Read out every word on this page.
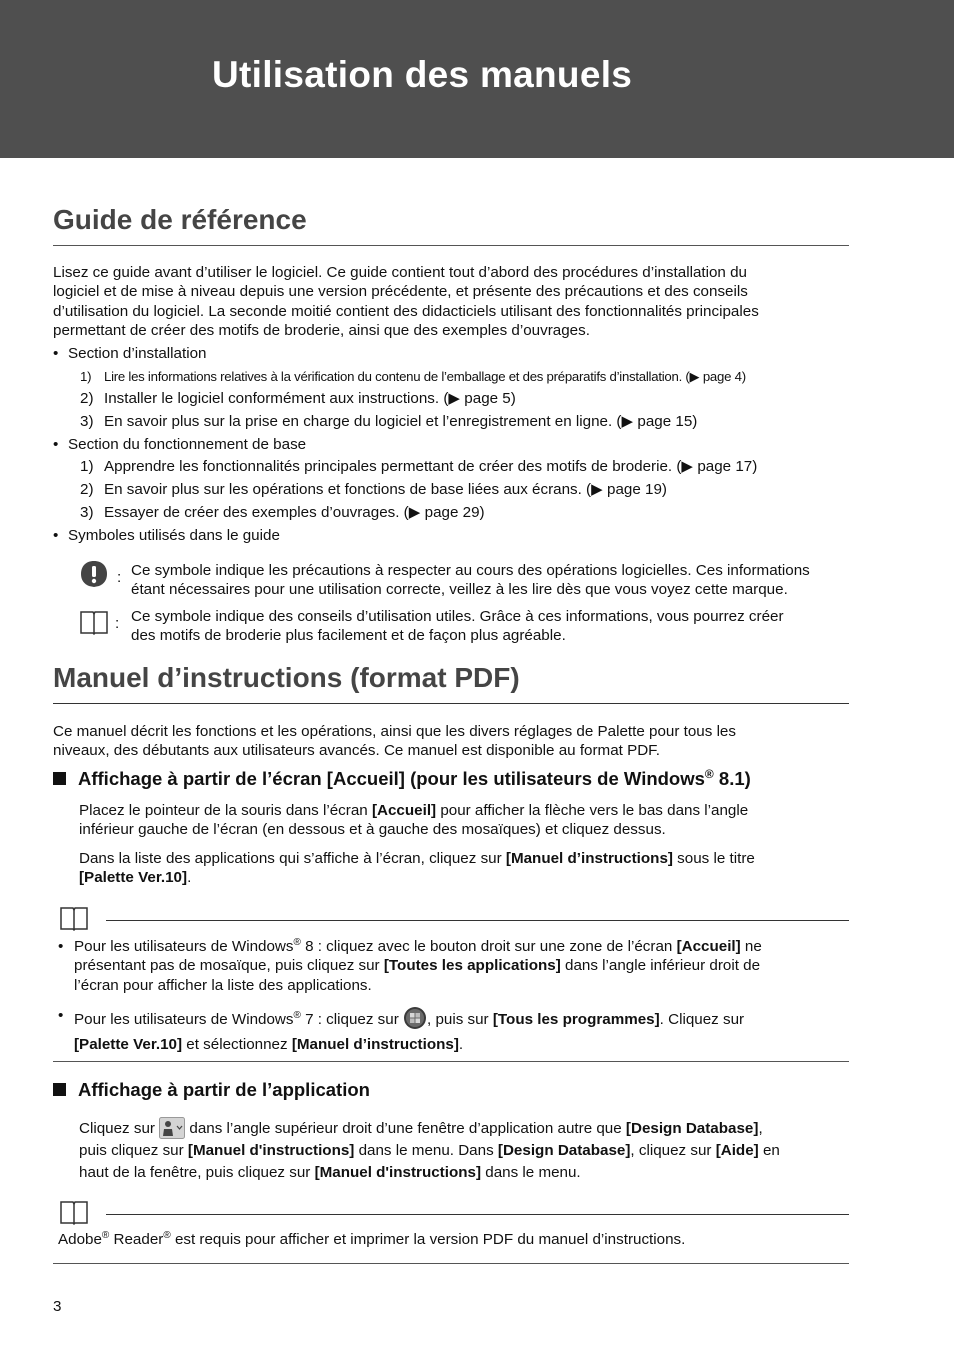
Utilisation des manuels
Guide de référence
Lisez ce guide avant d’utiliser le logiciel. Ce guide contient tout d’abord des procédures d’installation du
logiciel et de mise à niveau depuis une version précédente, et présente des précautions et des conseils
d’utilisation du logiciel. La seconde moitié contient des didacticiels utilisant des fonctionnalités principales
permettant de créer des motifs de broderie, ainsi que des exemples d’ouvrages.
• Section d’installation
1) Lire les informations relatives à la vérification du contenu de l’emballage et des préparatifs d’installation. (▶ page 4)
2) Installer le logiciel conformément aux instructions. (▶ page 5)
3) En savoir plus sur la prise en charge du logiciel et l’enregistrement en ligne. (▶ page 15)
• Section du fonctionnement de base
1) Apprendre les fonctionnalités principales permettant de créer des motifs de broderie. (▶ page 17)
2) En savoir plus sur les opérations et fonctions de base liées aux écrans. (▶ page 19)
3) Essayer de créer des exemples d’ouvrages. (▶ page 29)
• Symboles utilisés dans le guide
: Ce symbole indique les précautions à respecter au cours des opérations logicielles. Ces informations
étant nécessaires pour une utilisation correcte, veillez à les lire dès que vous voyez cette marque.
: Ce symbole indique des conseils d’utilisation utiles. Grâce à ces informations, vous pourrez créer
des motifs de broderie plus facilement et de façon plus agréable.
Manuel d’instructions (format PDF)
Ce manuel décrit les fonctions et les opérations, ainsi que les divers réglages de Palette pour tous les
niveaux, des débutants aux utilisateurs avancés. Ce manuel est disponible au format PDF.
Affichage à partir de l’écran [Accueil] (pour les utilisateurs de Windows® 8.1)
Placez le pointeur de la souris dans l’écran [Accueil] pour afficher la flèche vers le bas dans l’angle
inférieur gauche de l’écran (en dessous et à gauche des mosaïques) et cliquez dessus.
Dans la liste des applications qui s’affiche à l’écran, cliquez sur [Manuel d’instructions] sous le titre
[Palette Ver.10].
• Pour les utilisateurs de Windows® 8 : cliquez avec le bouton droit sur une zone de l’écran [Accueil] ne
présentant pas de mosaïque, puis cliquez sur [Toutes les applications] dans l’angle inférieur droit de
l’écran pour afficher la liste des applications.
• Pour les utilisateurs de Windows® 7 : cliquez sur , puis sur [Tous les programmes]. Cliquez sur
[Palette Ver.10] et sélectionnez [Manuel d’instructions].
Affichage à partir de l’application
Cliquez sur  dans l’angle supérieur droit d’une fenêtre d’application autre que [Design Database],
puis cliquez sur [Manuel d'instructions] dans le menu. Dans [Design Database], cliquez sur [Aide] en
haut de la fenêtre, puis cliquez sur [Manuel d'instructions] dans le menu.
Adobe® Reader® est requis pour afficher et imprimer la version PDF du manuel d’instructions.
3
